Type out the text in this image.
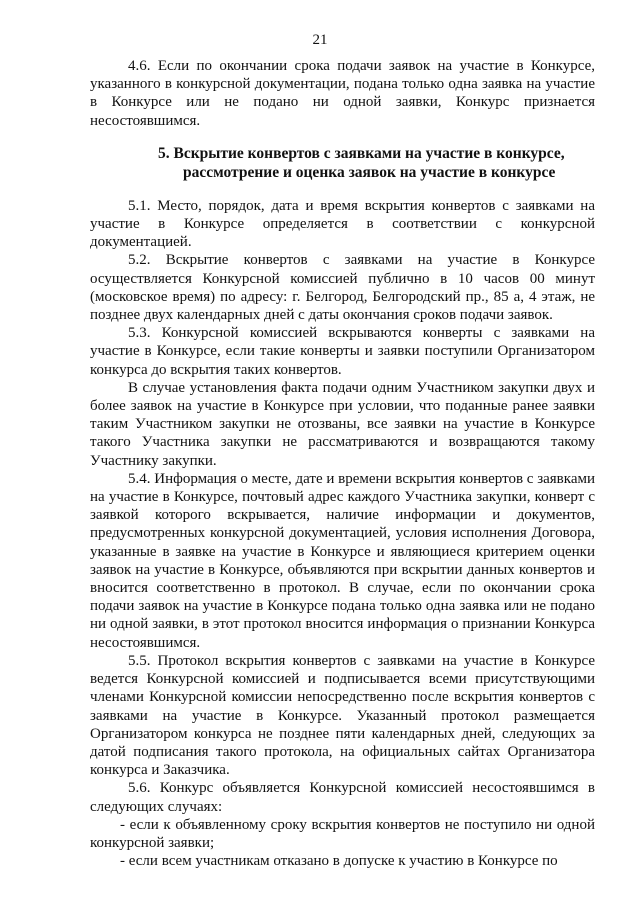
21

4.6. Если по окончании срока подачи заявок на участие в Конкурсе, указанного в конкурсной документации, подана только одна заявка на участие в Конкурсе или не подано ни одной заявки, Конкурс признается несостоявшимся.

5. Вскрытие конвертов с заявками на участие в конкурсе,
рассмотрение и оценка заявок на участие в конкурсе

5.1. Место, порядок, дата и время вскрытия конвертов с заявками на участие в Конкурсе определяется в соответствии с конкурсной документацией.

5.2. Вскрытие конвертов с заявками на участие в Конкурсе осуществляется Конкурсной комиссией публично в 10 часов 00 минут (московское время) по адресу: г. Белгород, Белгородский пр., 85 а, 4 этаж, не позднее двух календарных дней с даты окончания сроков подачи заявок.

5.3. Конкурсной комиссией вскрываются конверты с заявками на участие в Конкурсе, если такие конверты и заявки поступили Организатором конкурса до вскрытия таких конвертов.

В случае установления факта подачи одним Участником закупки двух и более заявок на участие в Конкурсе при условии, что поданные ранее заявки таким Участником закупки не отозваны, все заявки на участие в Конкурсе такого Участника закупки не рассматриваются и возвращаются такому Участнику закупки.

5.4. Информация о месте, дате и времени вскрытия конвертов с заявками на участие в Конкурсе, почтовый адрес каждого Участника закупки, конверт с заявкой которого вскрывается, наличие информации и документов, предусмотренных конкурсной документацией, условия исполнения Договора, указанные в заявке на участие в Конкурсе и являющиеся критерием оценки заявок на участие в Конкурсе, объявляются при вскрытии данных конвертов и вносится соответственно в протокол. В случае, если по окончании срока подачи заявок на участие в Конкурсе подана только одна заявка или не подано ни одной заявки, в этот протокол вносится информация о признании Конкурса несостоявшимся.

5.5. Протокол вскрытия конвертов с заявками на участие в Конкурсе ведется Конкурсной комиссией и подписывается всеми присутствующими членами Конкурсной комиссии непосредственно после вскрытия конвертов с заявками на участие в Конкурсе. Указанный протокол размещается Организатором конкурса не позднее пяти календарных дней, следующих за датой подписания такого протокола, на официальных сайтах Организатора конкурса и Заказчика.

5.6. Конкурс объявляется Конкурсной комиссией несостоявшимся в следующих случаях:

- если к объявленному сроку вскрытия конвертов не поступило ни одной конкурсной заявки;

- если всем участникам отказано в допуске к участию в Конкурсе по
